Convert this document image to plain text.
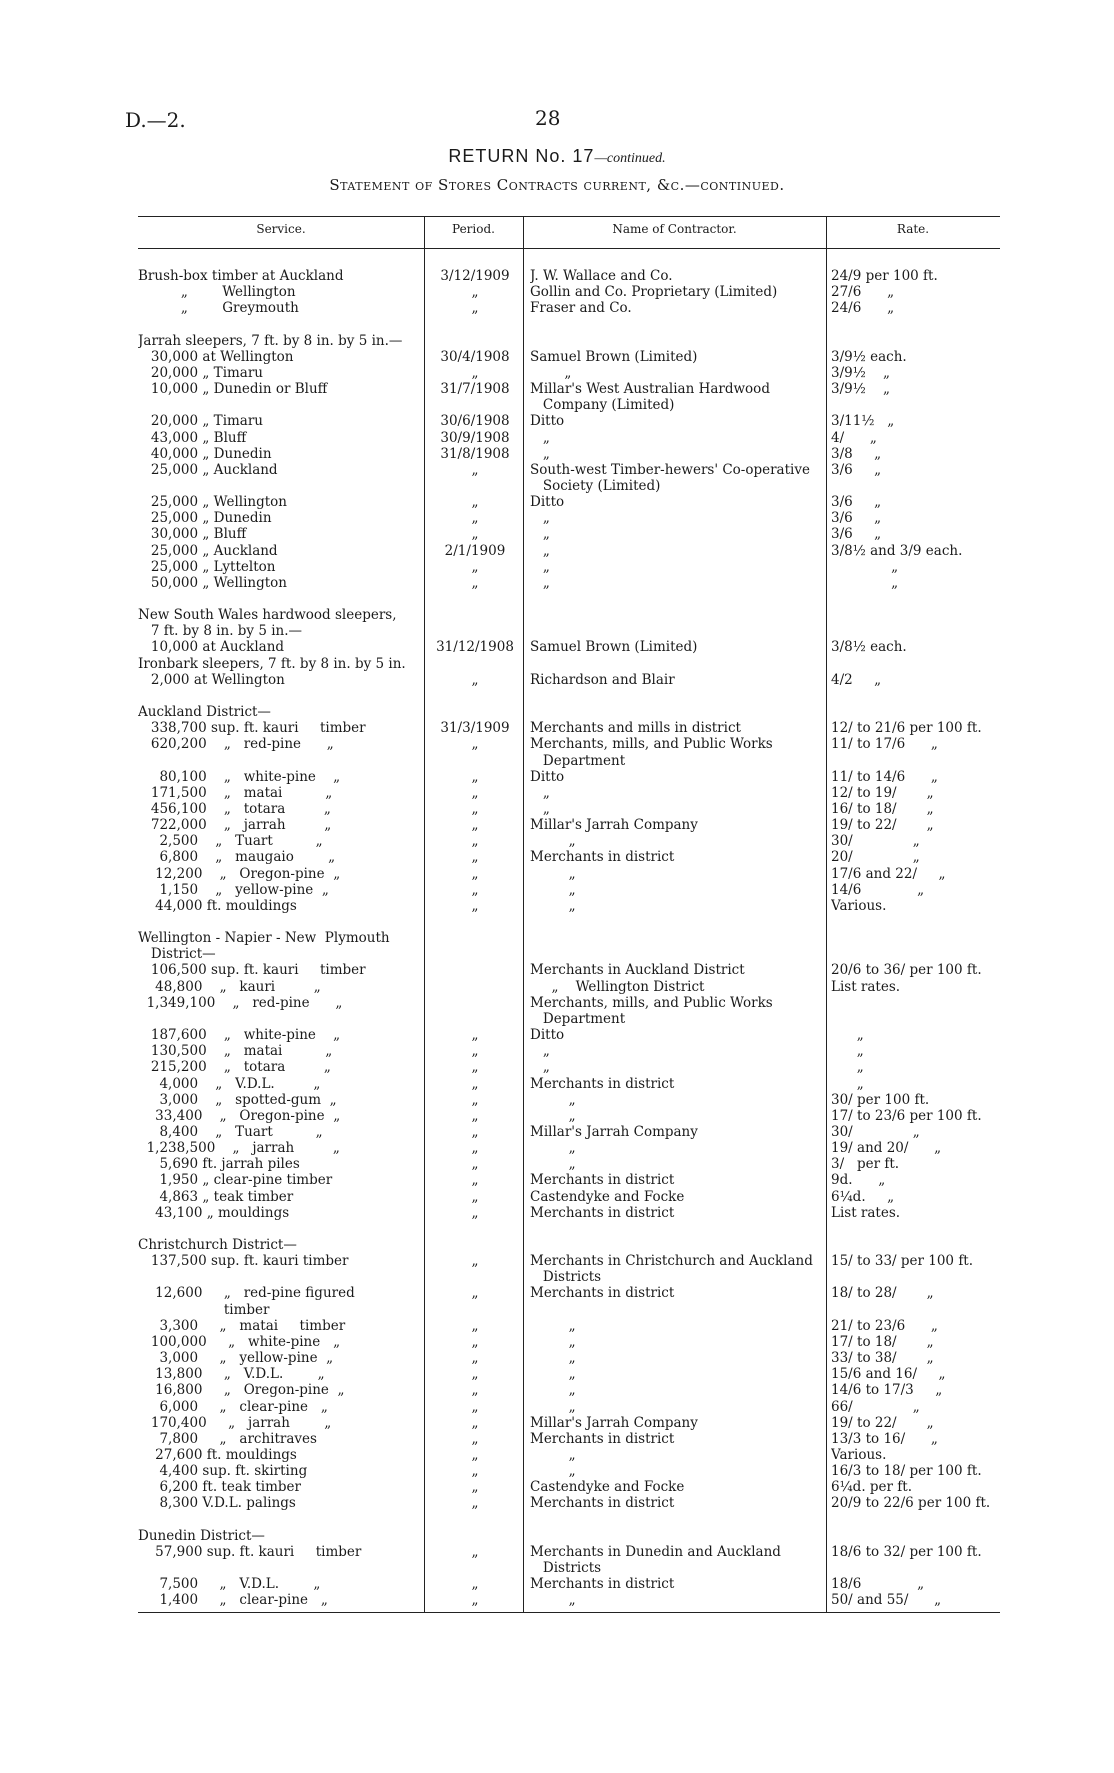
D.—2.	28
RETURN No. 17—continued.
Statement of Stores Contracts current, &c.—continued.
Service.	Period.	Name of Contractor.	Rate.
Brush-box timber at Auckland	3/12/1909	J. W. Wallace and Co.	24/9 per 100 ft.
„        Wellington	„	Gollin and Co. Proprietary (Limited)	27/6      „
„        Greymouth	„	Fraser and Co.	24/6      „
Jarrah sleepers, 7 ft. by 8 in. by 5 in.—
30,000 at Wellington	30/4/1908	Samuel Brown (Limited)	3/9½ each.
20,000 „ Timaru	„	„	3/9½    „
10,000 „ Dunedin or Bluff	31/7/1908	Millar's West Australian Hardwood	3/9½    „
Company (Limited)
20,000 „ Timaru	30/6/1908	Ditto	3/11½   „
43,000 „ Bluff	30/9/1908	„	4/      „
40,000 „ Dunedin	31/8/1908	„	3/8     „
25,000 „ Auckland	„	South-west Timber-hewers' Co-operative	3/6     „
Society (Limited)
25,000 „ Wellington	„	Ditto	3/6     „
25,000 „ Dunedin	„	„	3/6     „
30,000 „ Bluff	„	„	3/6     „
25,000 „ Auckland	2/1/1909	„	3/8½ and 3/9 each.
25,000 „ Lyttelton	„	„	„
50,000 „ Wellington	„	„	„
New South Wales hardwood sleepers,
7 ft. by 8 in. by 5 in.—
10,000 at Auckland	31/12/1908	Samuel Brown (Limited)	3/8½ each.
Ironbark sleepers, 7 ft. by 8 in. by 5 in.
2,000 at Wellington	„	Richardson and Blair	4/2     „
Auckland District—
338,700 sup. ft. kauri     timber	31/3/1909	Merchants and mills in district	12/ to 21/6 per 100 ft.
620,200    „   red-pine      „	„	Merchants, mills, and Public Works	11/ to 17/6      „
Department
80,100    „   white-pine    „	„	Ditto	11/ to 14/6      „
171,500    „   matai          „	„	„	12/ to 19/       „
456,100    „   totara         „	„	„	16/ to 18/       „
722,000    „   jarrah         „	„	Millar's Jarrah Company	19/ to 22/       „
2,500    „   Tuart          „	„	„	30/              „
6,800    „   maugaio        „	„	Merchants in district	20/              „
12,200    „   Oregon-pine  „	„	„	17/6 and 22/     „
1,150    „   yellow-pine  „	„	„	14/6             „
44,000 ft. mouldings	„	„	Various.
Wellington - Napier - New  Plymouth
District—
106,500 sup. ft. kauri     timber	Merchants in Auckland District	20/6 to 36/ per 100 ft.
48,800    „   kauri         „	„    Wellington District	List rates.
1,349,100    „   red-pine      „	Merchants, mills, and Public Works
Department
187,600    „   white-pine    „	„	Ditto	„
130,500    „   matai          „	„	„	„
215,200    „   totara         „	„	„	„
4,000    „   V.D.L.         „	„	Merchants in district	„
3,000    „   spotted-gum  „	„	„	30/ per 100 ft.
33,400    „   Oregon-pine  „	„	„	17/ to 23/6 per 100 ft.
8,400    „   Tuart          „	„	Millar's Jarrah Company	30/              „
1,238,500    „   jarrah         „	„	„	19/ and 20/      „
5,690 ft. jarrah piles	„	„	3/   per ft.
1,950 „ clear-pine timber	„	Merchants in district	9d.      „
4,863 „ teak timber	„	Castendyke and Focke	6¼d.     „
43,100 „ mouldings	„	Merchants in district	List rates.
Christchurch District—
137,500 sup. ft. kauri timber	„	Merchants in Christchurch and Auckland	15/ to 33/ per 100 ft.
Districts
12,600     „   red-pine figured	„	Merchants in district	18/ to 28/       „
timber
3,300     „   matai     timber	„	„	21/ to 23/6      „
100,000     „   white-pine   „	„	„	17/ to 18/       „
3,000     „   yellow-pine  „	„	„	33/ to 38/       „
13,800     „   V.D.L.        „	„	„	15/6 and 16/     „
16,800     „   Oregon-pine  „	„	„	14/6 to 17/3     „
6,000     „   clear-pine   „	„	„	66/              „
170,400     „   jarrah        „	„	Millar's Jarrah Company	19/ to 22/       „
7,800     „   architraves	„	Merchants in district	13/3 to 16/      „
27,600 ft. mouldings	„	„	Various.
4,400 sup. ft. skirting	„	„	16/3 to 18/ per 100 ft.
6,200 ft. teak timber	„	Castendyke and Focke	6¼d. per ft.
8,300 V.D.L. palings	„	Merchants in district	20/9 to 22/6 per 100 ft.
Dunedin District—
57,900 sup. ft. kauri     timber	„	Merchants in Dunedin and Auckland	18/6 to 32/ per 100 ft.
Districts
7,500     „   V.D.L.        „	„	Merchants in district	18/6             „
1,400     „   clear-pine   „	„	„	50/ and 55/      „
